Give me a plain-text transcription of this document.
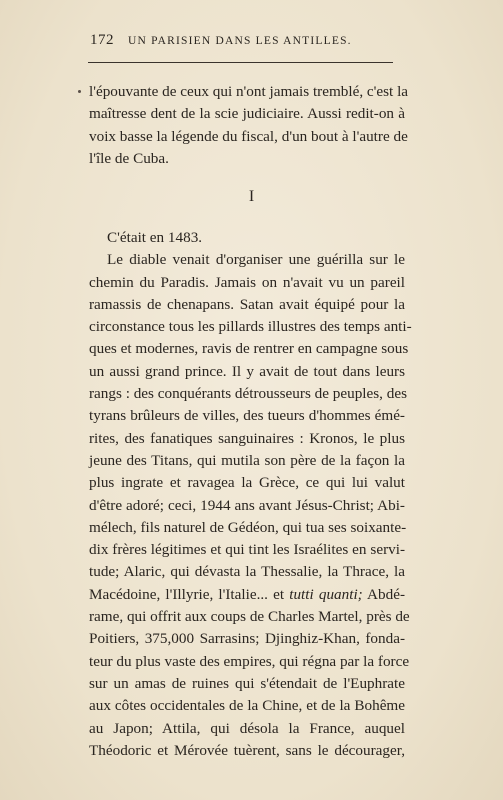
172 UN PARISIEN DANS LES ANTILLES.
l'épouvante de ceux qui n'ont jamais tremblé, c'est la
maîtresse dent de la scie judiciaire. Aussi redit-on à
voix basse la légende du fiscal, d'un bout à l'autre de
l'île de Cuba.
I
C'était en 1483.
Le diable venait d'organiser une guérilla sur le
chemin du Paradis. Jamais on n'avait vu un pareil
ramassis de chenapans. Satan avait équipé pour la
circonstance tous les pillards illustres des temps anti-
ques et modernes, ravis de rentrer en campagne sous
un aussi grand prince. Il y avait de tout dans leurs
rangs : des conquérants détrousseurs de peuples, des
tyrans brûleurs de villes, des tueurs d'hommes émé-
rites, des fanatiques sanguinaires : Kronos, le plus
jeune des Titans, qui mutila son père de la façon la
plus ingrate et ravagea la Grèce, ce qui lui valut
d'être adoré; ceci, 1944 ans avant Jésus-Christ; Abi-
mélech, fils naturel de Gédéon, qui tua ses soixante-
dix frères légitimes et qui tint les Israélites en servi-
tude; Alaric, qui dévasta la Thessalie, la Thrace, la
Macédoine, l'Illyrie, l'Italie... et tutti quanti; Abdé-
rame, qui offrit aux coups de Charles Martel, près de
Poitiers, 375,000 Sarrasins; Djinghiz-Khan, fonda-
teur du plus vaste des empires, qui régna par la force
sur un amas de ruines qui s'étendait de l'Euphrate
aux côtes occidentales de la Chine, et de la Bohême
au Japon; Attila, qui désola la France, auquel
Théodoric et Mérovée tuèrent, sans le décourager,
